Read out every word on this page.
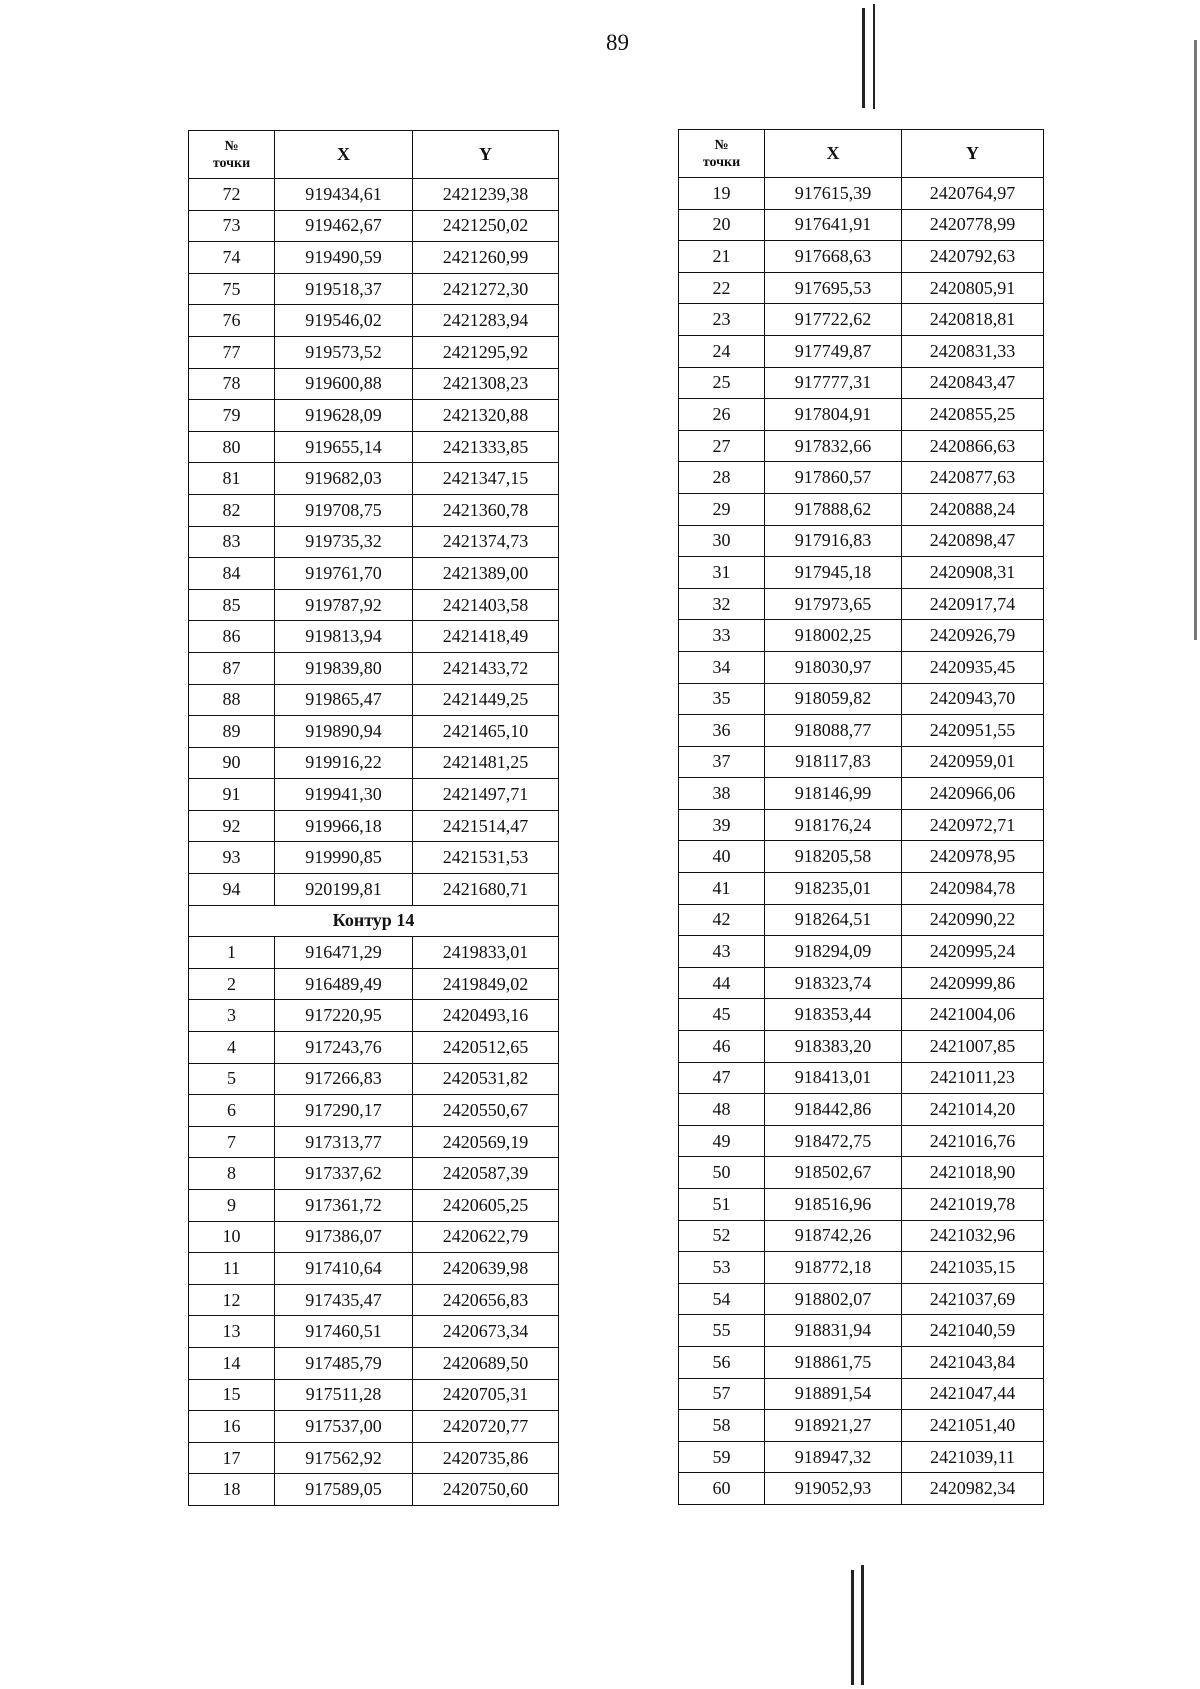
89
№
точки	X	Y
72	919434,61	2421239,38
73	919462,67	2421250,02
74	919490,59	2421260,99
75	919518,37	2421272,30
76	919546,02	2421283,94
77	919573,52	2421295,92
78	919600,88	2421308,23
79	919628,09	2421320,88
80	919655,14	2421333,85
81	919682,03	2421347,15
82	919708,75	2421360,78
83	919735,32	2421374,73
84	919761,70	2421389,00
85	919787,92	2421403,58
86	919813,94	2421418,49
87	919839,80	2421433,72
88	919865,47	2421449,25
89	919890,94	2421465,10
90	919916,22	2421481,25
91	919941,30	2421497,71
92	919966,18	2421514,47
93	919990,85	2421531,53
94	920199,81	2421680,71
Контур 14		
1	916471,29	2419833,01
2	916489,49	2419849,02
3	917220,95	2420493,16
4	917243,76	2420512,65
5	917266,83	2420531,82
6	917290,17	2420550,67
7	917313,77	2420569,19
8	917337,62	2420587,39
9	917361,72	2420605,25
10	917386,07	2420622,79
11	917410,64	2420639,98
12	917435,47	2420656,83
13	917460,51	2420673,34
14	917485,79	2420689,50
15	917511,28	2420705,31
16	917537,00	2420720,77
17	917562,92	2420735,86
18	917589,05	2420750,60
№
точки	X	Y
19	917615,39	2420764,97
20	917641,91	2420778,99
21	917668,63	2420792,63
22	917695,53	2420805,91
23	917722,62	2420818,81
24	917749,87	2420831,33
25	917777,31	2420843,47
26	917804,91	2420855,25
27	917832,66	2420866,63
28	917860,57	2420877,63
29	917888,62	2420888,24
30	917916,83	2420898,47
31	917945,18	2420908,31
32	917973,65	2420917,74
33	918002,25	2420926,79
34	918030,97	2420935,45
35	918059,82	2420943,70
36	918088,77	2420951,55
37	918117,83	2420959,01
38	918146,99	2420966,06
39	918176,24	2420972,71
40	918205,58	2420978,95
41	918235,01	2420984,78
42	918264,51	2420990,22
43	918294,09	2420995,24
44	918323,74	2420999,86
45	918353,44	2421004,06
46	918383,20	2421007,85
47	918413,01	2421011,23
48	918442,86	2421014,20
49	918472,75	2421016,76
50	918502,67	2421018,90
51	918516,96	2421019,78
52	918742,26	2421032,96
53	918772,18	2421035,15
54	918802,07	2421037,69
55	918831,94	2421040,59
56	918861,75	2421043,84
57	918891,54	2421047,44
58	918921,27	2421051,40
59	918947,32	2421039,11
60	919052,93	2420982,34
